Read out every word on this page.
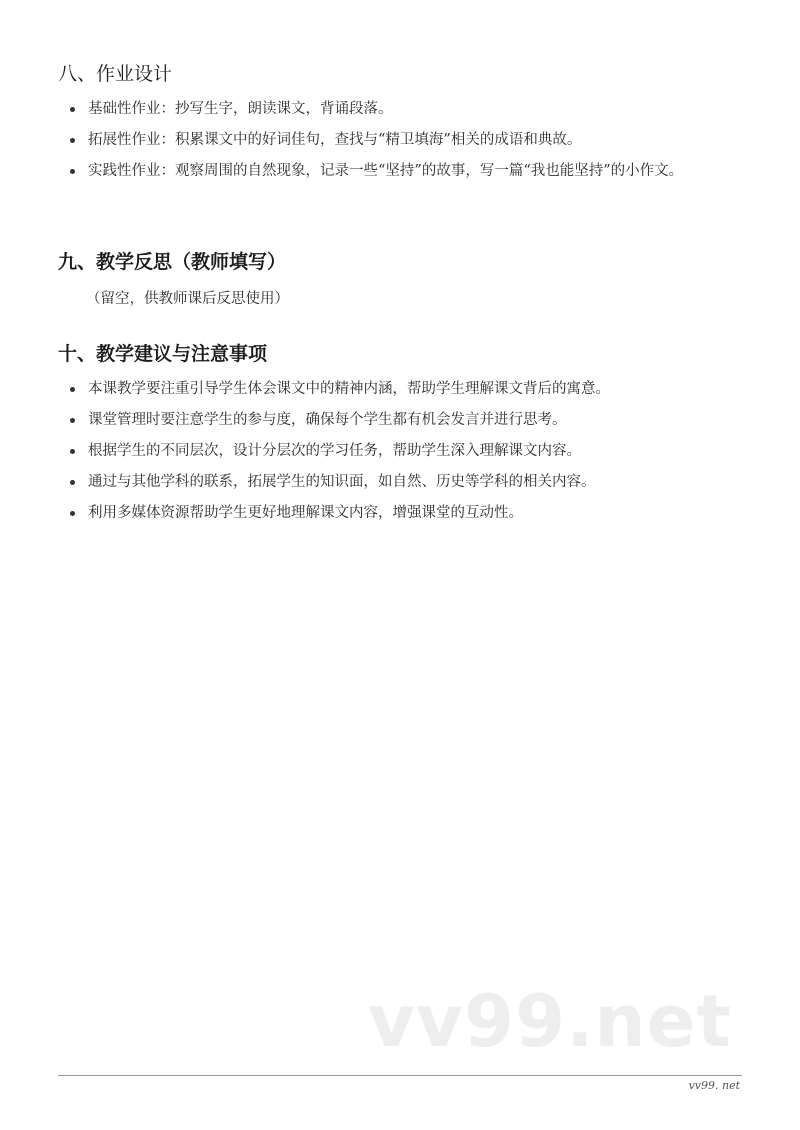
八、作业设计
基础性作业：抄写生字，朗读课文，背诵段落。
拓展性作业：积累课文中的好词佳句，查找与“精卫填海”相关的成语和典故。
实践性作业：观察周围的自然现象，记录一些“坚持”的故事，写一篇“我也能坚持”的小作文。
九、教学反思（教师填写）

（留空，供教师课后反思使用）

十、教学建议与注意事项
本课教学要注重引导学生体会课文中的精神内涵，帮助学生理解课文背后的寓意。
课堂管理时要注意学生的参与度，确保每个学生都有机会发言并进行思考。
根据学生的不同层次，设计分层次的学习任务，帮助学生深入理解课文内容。
通过与其他学科的联系，拓展学生的知识面，如自然、历史等学科的相关内容。
利用多媒体资源帮助学生更好地理解课文内容，增强课堂的互动性。
vv99.net
vv99. net
